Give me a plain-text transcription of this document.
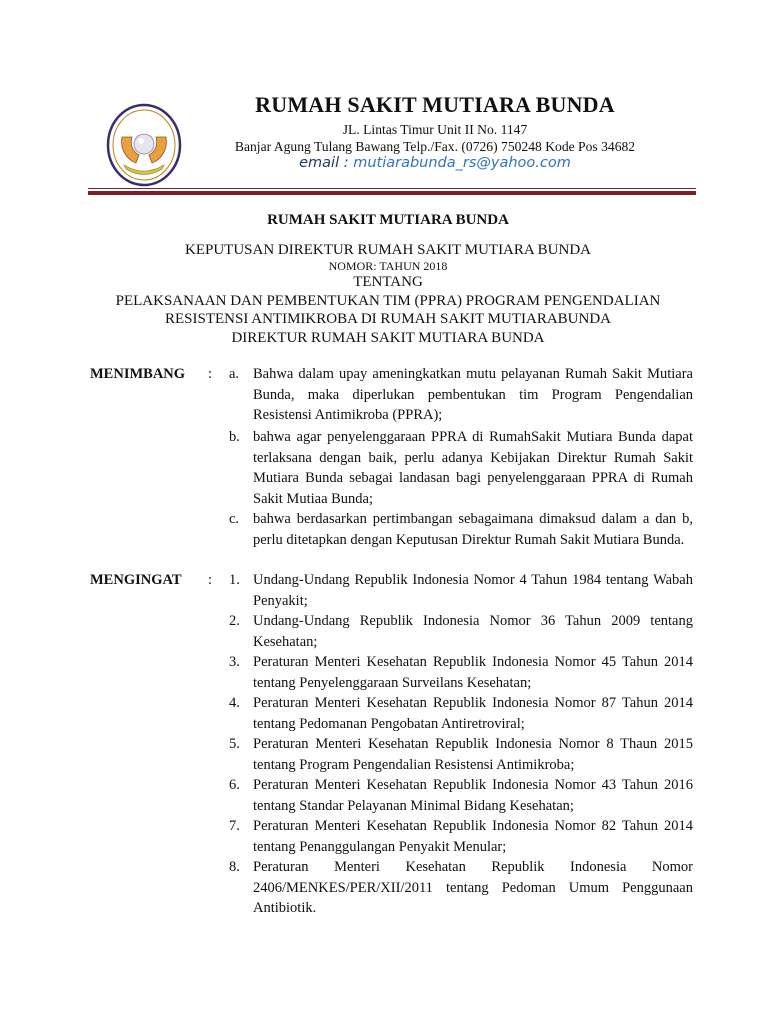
RUMAH SAKIT MUTIARA BUNDA
JL. Lintas Timur Unit II No. 1147
Banjar Agung Tulang Bawang Telp./Fax. (0726) 750248 Kode Pos 34682
email : mutiarabunda_rs@yahoo.com
RUMAH SAKIT MUTIARA BUNDA
KEPUTUSAN DIREKTUR RUMAH SAKIT MUTIARA BUNDA
NOMOR: TAHUN 2018
TENTANG
PELAKSANAAN DAN PEMBENTUKAN TIM (PPRA) PROGRAM PENGENDALIAN
RESISTENSI ANTIMIKROBA DI RUMAH SAKIT MUTIARABUNDA
DIREKTUR RUMAH SAKIT MUTIARA BUNDA
MENIMBANG : a. Bahwa dalam upay ameningkatkan mutu pelayanan Rumah Sakit Mutiara Bunda, maka diperlukan pembentukan tim Program Pengendalian Resistensi Antimikroba (PPRA);
b. bahwa agar penyelenggaraan PPRA di RumahSakit Mutiara Bunda dapat terlaksana dengan baik, perlu adanya Kebijakan Direktur Rumah Sakit Mutiara Bunda sebagai landasan bagi penyelenggaraan PPRA di Rumah Sakit Mutiaa Bunda;
c. bahwa berdasarkan pertimbangan sebagaimana dimaksud dalam a dan b, perlu ditetapkan dengan Keputusan Direktur Rumah Sakit Mutiara Bunda.
MENGINGAT : 1. Undang-Undang Republik Indonesia Nomor 4 Tahun 1984 tentang Wabah Penyakit;
2. Undang-Undang Republik Indonesia Nomor 36 Tahun 2009 tentang Kesehatan;
3. Peraturan Menteri Kesehatan Republik Indonesia Nomor 45 Tahun 2014 tentang Penyelenggaraan Surveilans Kesehatan;
4. Peraturan Menteri Kesehatan Republik Indonesia Nomor 87 Tahun 2014 tentang Pedomanan Pengobatan Antiretroviral;
5. Peraturan Menteri Kesehatan Republik Indonesia Nomor 8 Thaun 2015 tentang Program Pengendalian Resistensi Antimikroba;
6. Peraturan Menteri Kesehatan Republik Indonesia Nomor 43 Tahun 2016 tentang Standar Pelayanan Minimal Bidang Kesehatan;
7. Peraturan Menteri Kesehatan Republik Indonesia Nomor 82 Tahun 2014 tentang Penanggulangan Penyakit Menular;
8. Peraturan Menteri Kesehatan Republik Indonesia Nomor 2406/MENKES/PER/XII/2011 tentang Pedoman Umum Penggunaan Antibiotik.
